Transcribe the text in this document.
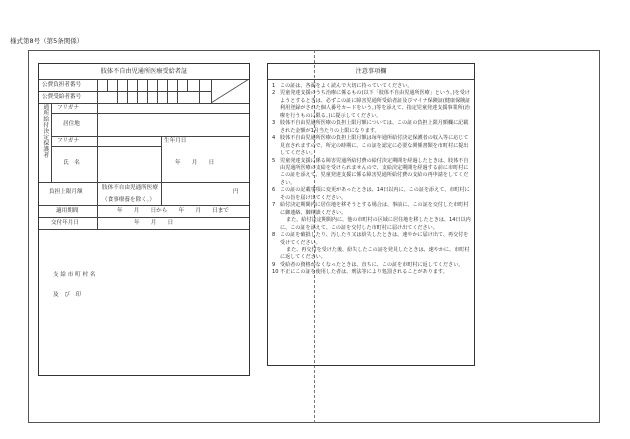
様式第8号（第5条関係）
肢体不自由児通所医療受給者証
公費負担者番号
公費受給者番号
通所給付決定保護者 フリガナ
居住地
フリガナ	生年月日
氏　名	年　　月　　日
負担上限月額
肢体不自由児通所医療
（食事療養を除く。）
円
適用期間	年　　月　　日から　　年　　月　　日まで
交付年月日	年　　月　　日
支 給 市 町 村 名
及　び　印
注意事項欄
1 この証は、各面をよく読んで大切に持っていてください。
2 児童発達支援のうち治療に係るもの(以下「肢体不自由児通所医療」という。)を受けようとするときは、必ずこの証に障害児通所受給者証及びマイナ保険証(健康保険証利用登録がされた個人番号カードをいう。)等を添えて、指定児童発達支援事業所(治療を行うものに限る。)に提示してください。
3 肢体不自由児通所医療の負担上限月額については、この証の負担上限月額欄に記載された金額が1月当たりの上限になります。
4 肢体不自由児通所医療の負担上限月額は毎年通所給付決定保護者の収入等に応じて見直されますので、所定の時期に、この証を認定に必要な関係書類を市町村に提出してください。
5 児童発達支援に係る障害児通所給付費の給付決定期間を経過したときは、肢体不自由児通所医療の支給を受けられませんので、支給決定期間を経過する前に市町村にこの証を添えて、児童発達支援に係る障害児通所給付費の支給の再申請をしてください。
6 この証の記載事項に変更があったときは、14日以内に、この証を添えて、市町村にその旨を届け出てください。
7 給付決定期間内に居住地を移そうとする場合は、事前に、この証を交付した市町村に御連絡、御相談ください。
また、給付決定期間内に、他の市町村の区域に居住地を移したときは、14日以内に、この証を添えて、この証を交付した市町村に届け出てください。
8 この証を破損したり、汚したり又は紛失したときは、速やかに届け出て、再交付を受けてください。
また、再交付を受けた後、紛失したこの証を発見したときは、速やかに、市町村に返してください。
9 受給者の資格がなくなったときは、直ちに、この証を市町村に返してください。
10 不正にこの証を使用した者は、刑法等により処罰されることがあります。
